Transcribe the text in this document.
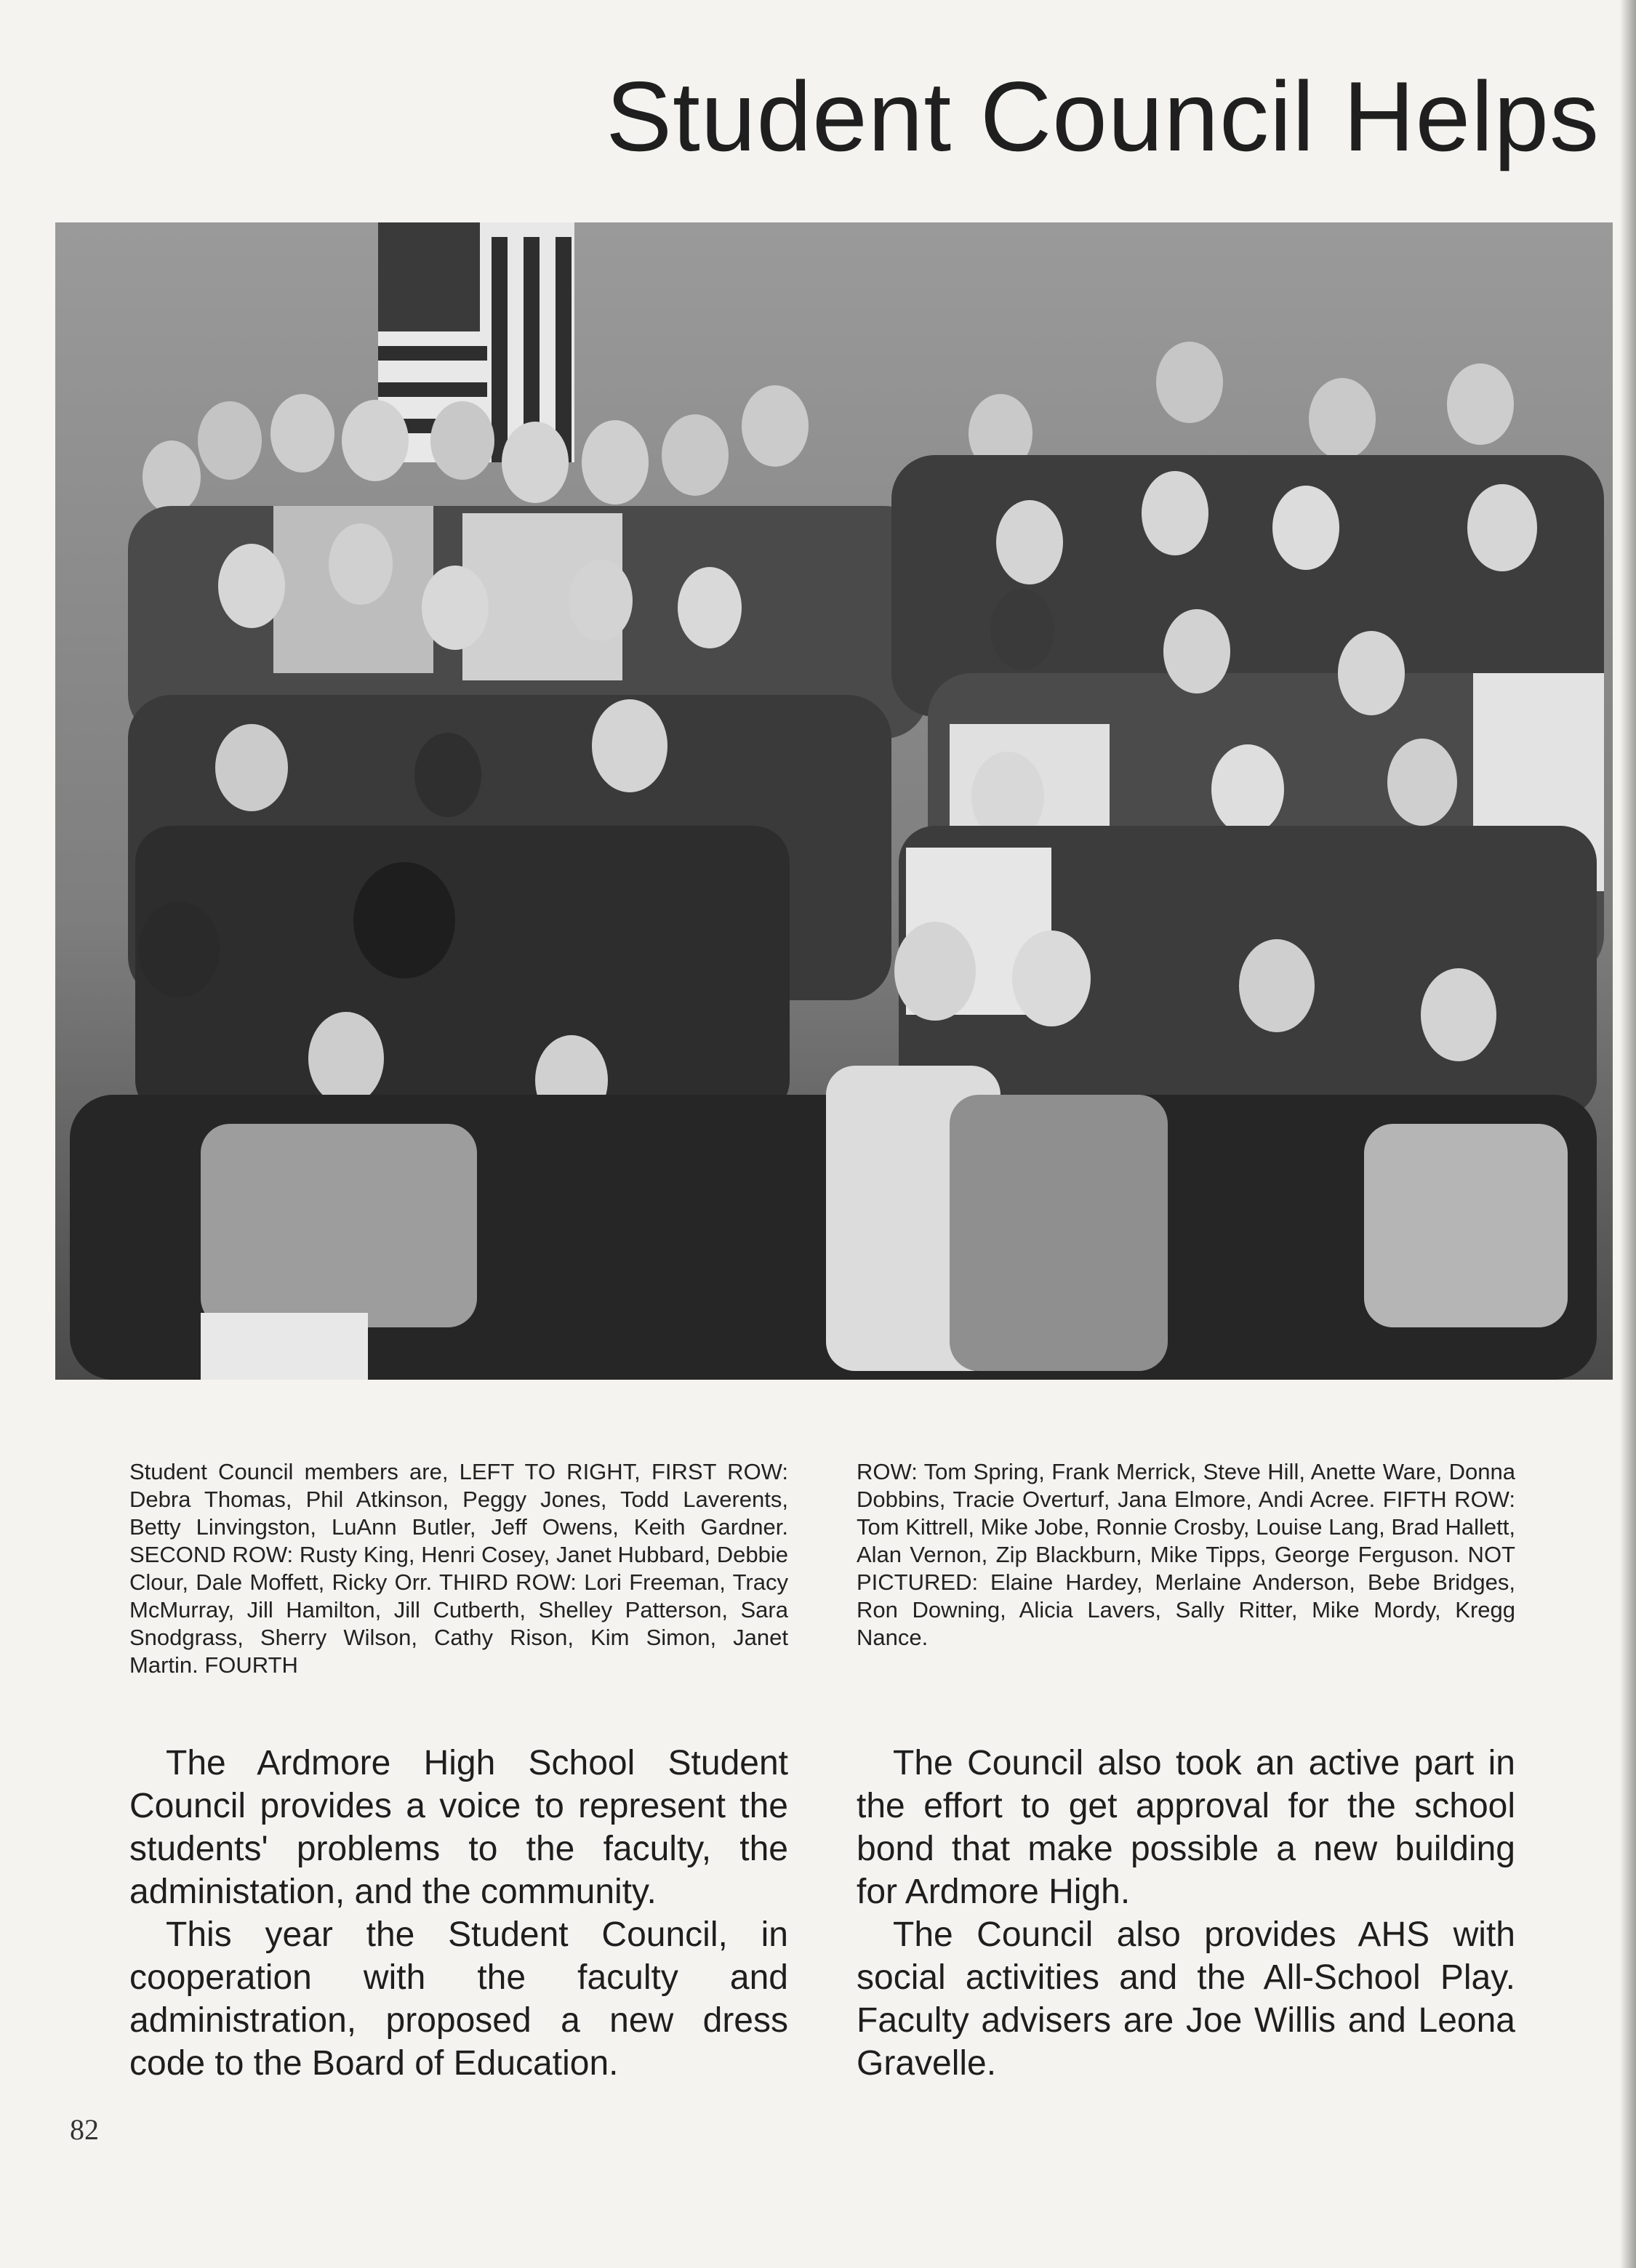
Student Council Helps

Student Council members are, LEFT TO RIGHT, FIRST ROW: Debra Thomas, Phil Atkinson, Peggy Jones, Todd Laverents, Betty Linvingston, LuAnn Butler, Jeff Owens, Keith Gardner. SECOND ROW: Rusty King, Henri Cosey, Janet Hubbard, Debbie Clour, Dale Moffett, Ricky Orr. THIRD ROW: Lori Freeman, Tracy McMurray, Jill Hamilton, Jill Cutberth, Shelley Patterson, Sara Snodgrass, Sherry Wilson, Cathy Rison, Kim Simon, Janet Martin. FOURTH

ROW: Tom Spring, Frank Merrick, Steve Hill, Anette Ware, Donna Dobbins, Tracie Overturf, Jana Elmore, Andi Acree. FIFTH ROW: Tom Kittrell, Mike Jobe, Ronnie Crosby, Louise Lang, Brad Hallett, Alan Vernon, Zip Blackburn, Mike Tipps, George Ferguson. NOT PICTURED: Elaine Hardey, Merlaine Anderson, Bebe Bridges, Ron Downing, Alicia Lavers, Sally Ritter, Mike Mordy, Kregg Nance.

The Ardmore High School Student Council provides a voice to represent the students' problems to the faculty, the administation, and the community.

This year the Student Council, in cooperation with the faculty and administration, proposed a new dress code to the Board of Education.

The Council also took an active part in the effort to get approval for the school bond that make possible a new building for Ardmore High.

The Council also provides AHS with social activities and the All-School Play. Faculty advisers are Joe Willis and Leona Gravelle.

82
